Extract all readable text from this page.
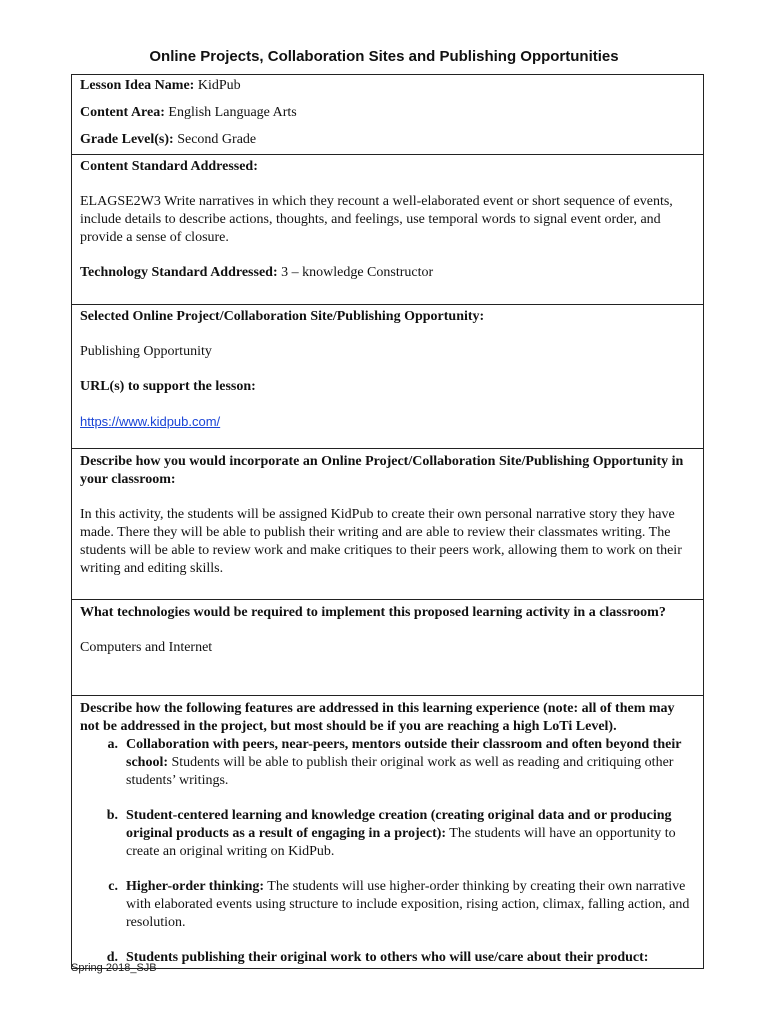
Online Projects, Collaboration Sites and Publishing Opportunities

Lesson Idea Name: KidPub

Content Area: English Language Arts

Grade Level(s): Second Grade

Content Standard Addressed:

ELAGSE2W3 Write narratives in which they recount a well-elaborated event or short sequence of events, include details to describe actions, thoughts, and feelings, use temporal words to signal event order, and provide a sense of closure.

Technology Standard Addressed: 3 – knowledge Constructor

Selected Online Project/Collaboration Site/Publishing Opportunity:

Publishing Opportunity

URL(s) to support the lesson:

https://www.kidpub.com/

Describe how you would incorporate an Online Project/Collaboration Site/Publishing Opportunity in your classroom:

In this activity, the students will be assigned KidPub to create their own personal narrative story they have made. There they will be able to publish their writing and are able to review their classmates writing. The students will be able to review work and make critiques to their peers work, allowing them to work on their writing and editing skills.

What technologies would be required to implement this proposed learning activity in a classroom?

Computers and Internet

Describe how the following features are addressed in this learning experience (note: all of them may not be addressed in the project, but most should be if you are reaching a high LoTi Level).

a. Collaboration with peers, near-peers, mentors outside their classroom and often beyond their school: Students will be able to publish their original work as well as reading and critiquing other students’ writings.

b. Student-centered learning and knowledge creation (creating original data and or producing original products as a result of engaging in a project): The students will have an opportunity to create an original writing on KidPub.

c. Higher-order thinking: The students will use higher-order thinking by creating their own narrative with elaborated events using structure to include exposition, rising action, climax, falling action, and resolution.

d. Students publishing their original work to others who will use/care about their product:

Spring 2018_SJB
